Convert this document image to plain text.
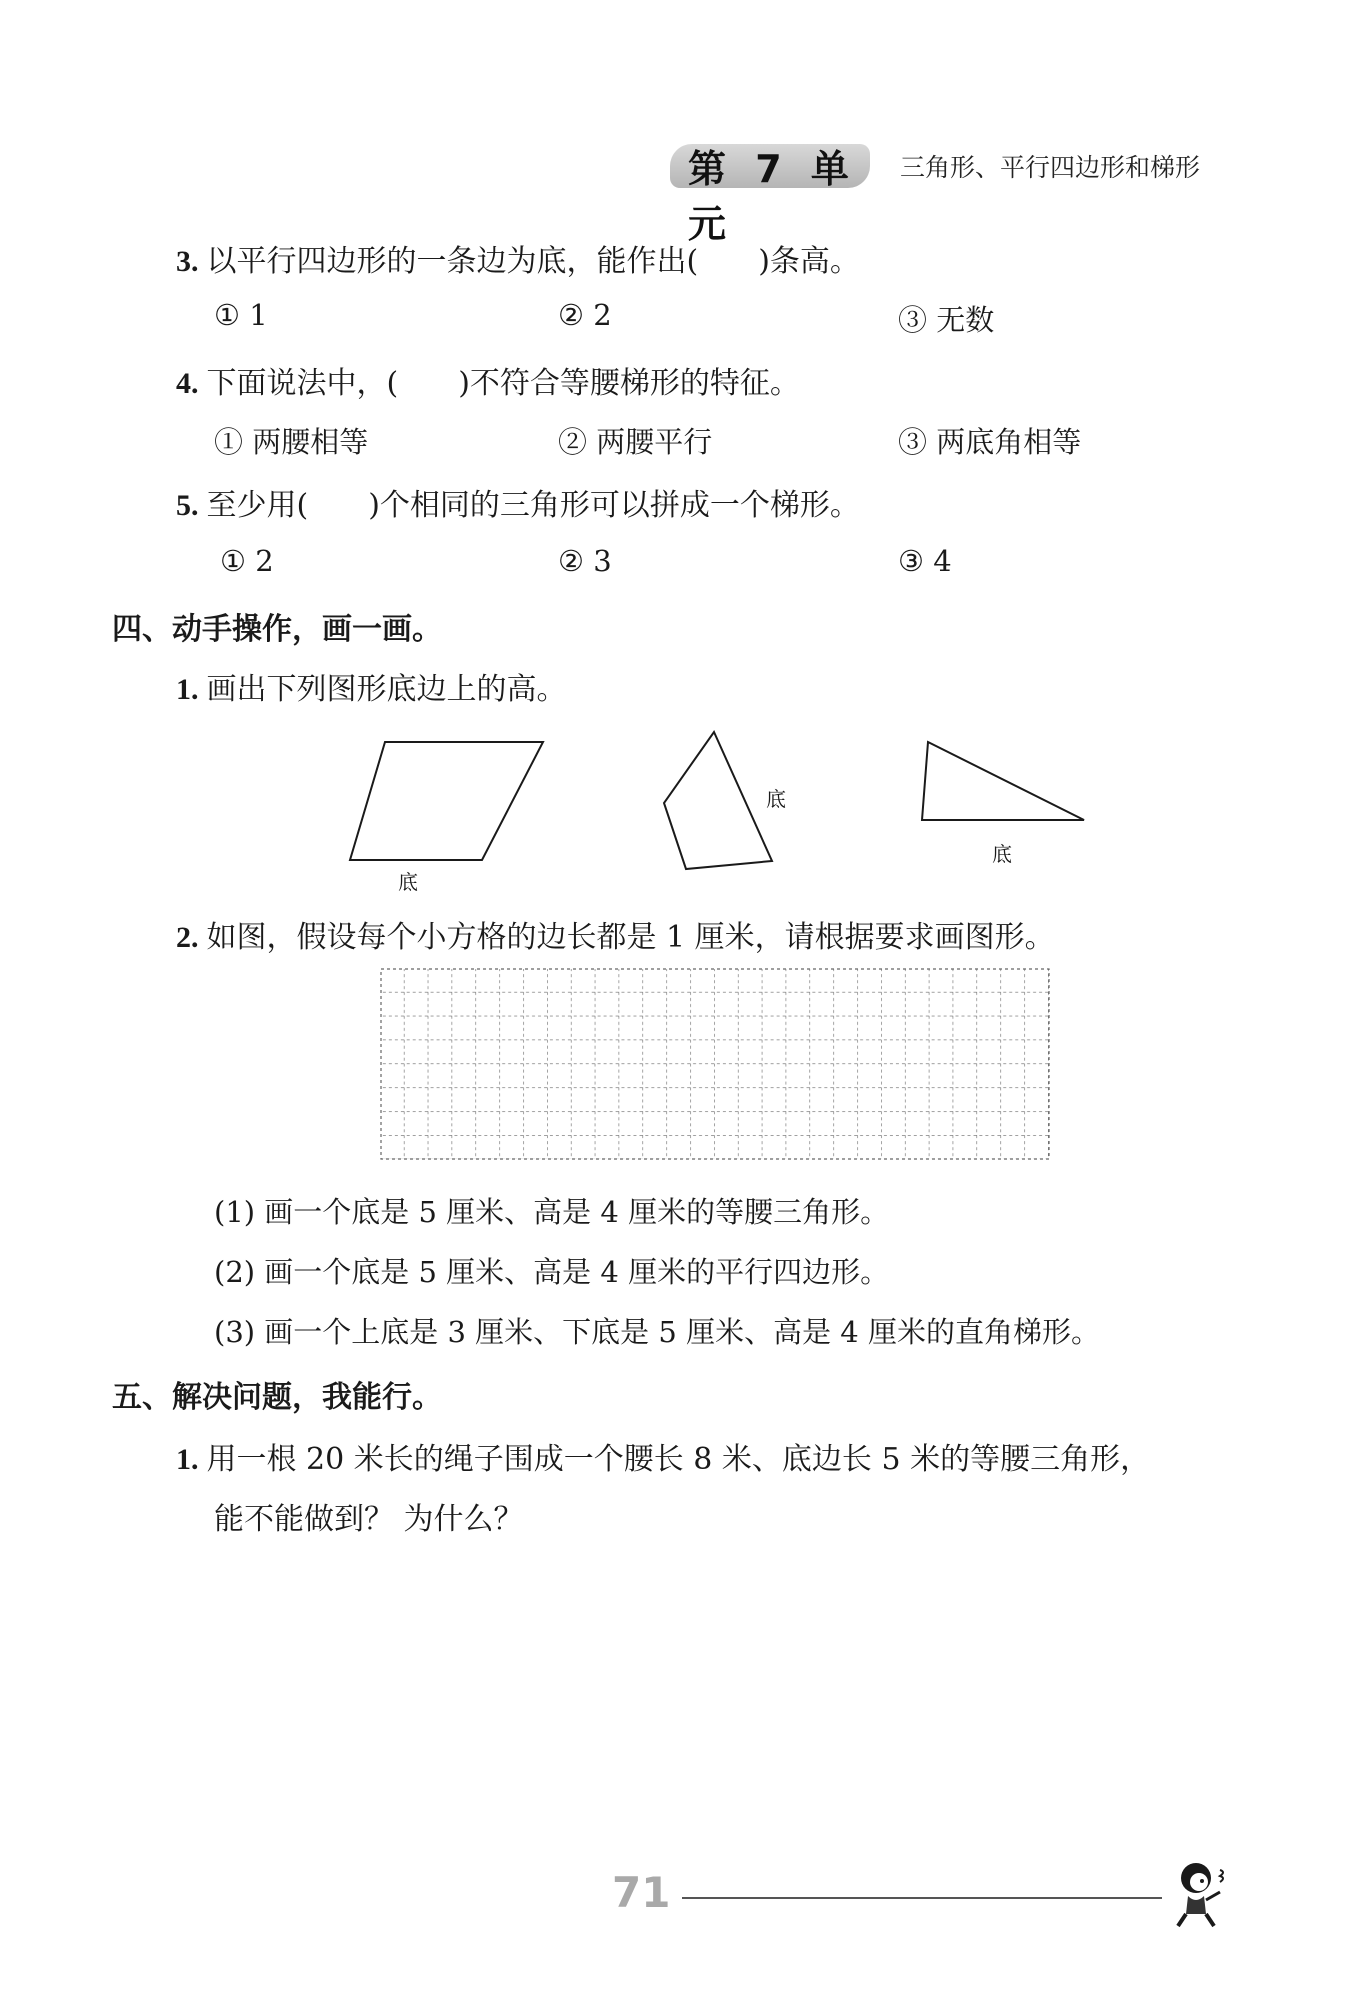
第 7 单元
三角形、平行四边形和梯形
3. 以平行四边形的一条边为底，能作出(　　)条高。
① 1	② 2	③ 无数
4. 下面说法中，(　　)不符合等腰梯形的特征。
① 两腰相等	② 两腰平行	③ 两底角相等
5. 至少用(　　)个相同的三角形可以拼成一个梯形。
① 2	② 3	③ 4
四、动手操作，画一画。
1. 画出下列图形底边上的高。
底
底
底
2. 如图，假设每个小方格的边长都是 1 厘米，请根据要求画图形。
(1) 画一个底是 5 厘米、高是 4 厘米的等腰三角形。
(2) 画一个底是 5 厘米、高是 4 厘米的平行四边形。
(3) 画一个上底是 3 厘米、下底是 5 厘米、高是 4 厘米的直角梯形。
五、解决问题，我能行。
1. 用一根 20 米长的绳子围成一个腰长 8 米、底边长 5 米的等腰三角形，
能不能做到？ 为什么？
71
